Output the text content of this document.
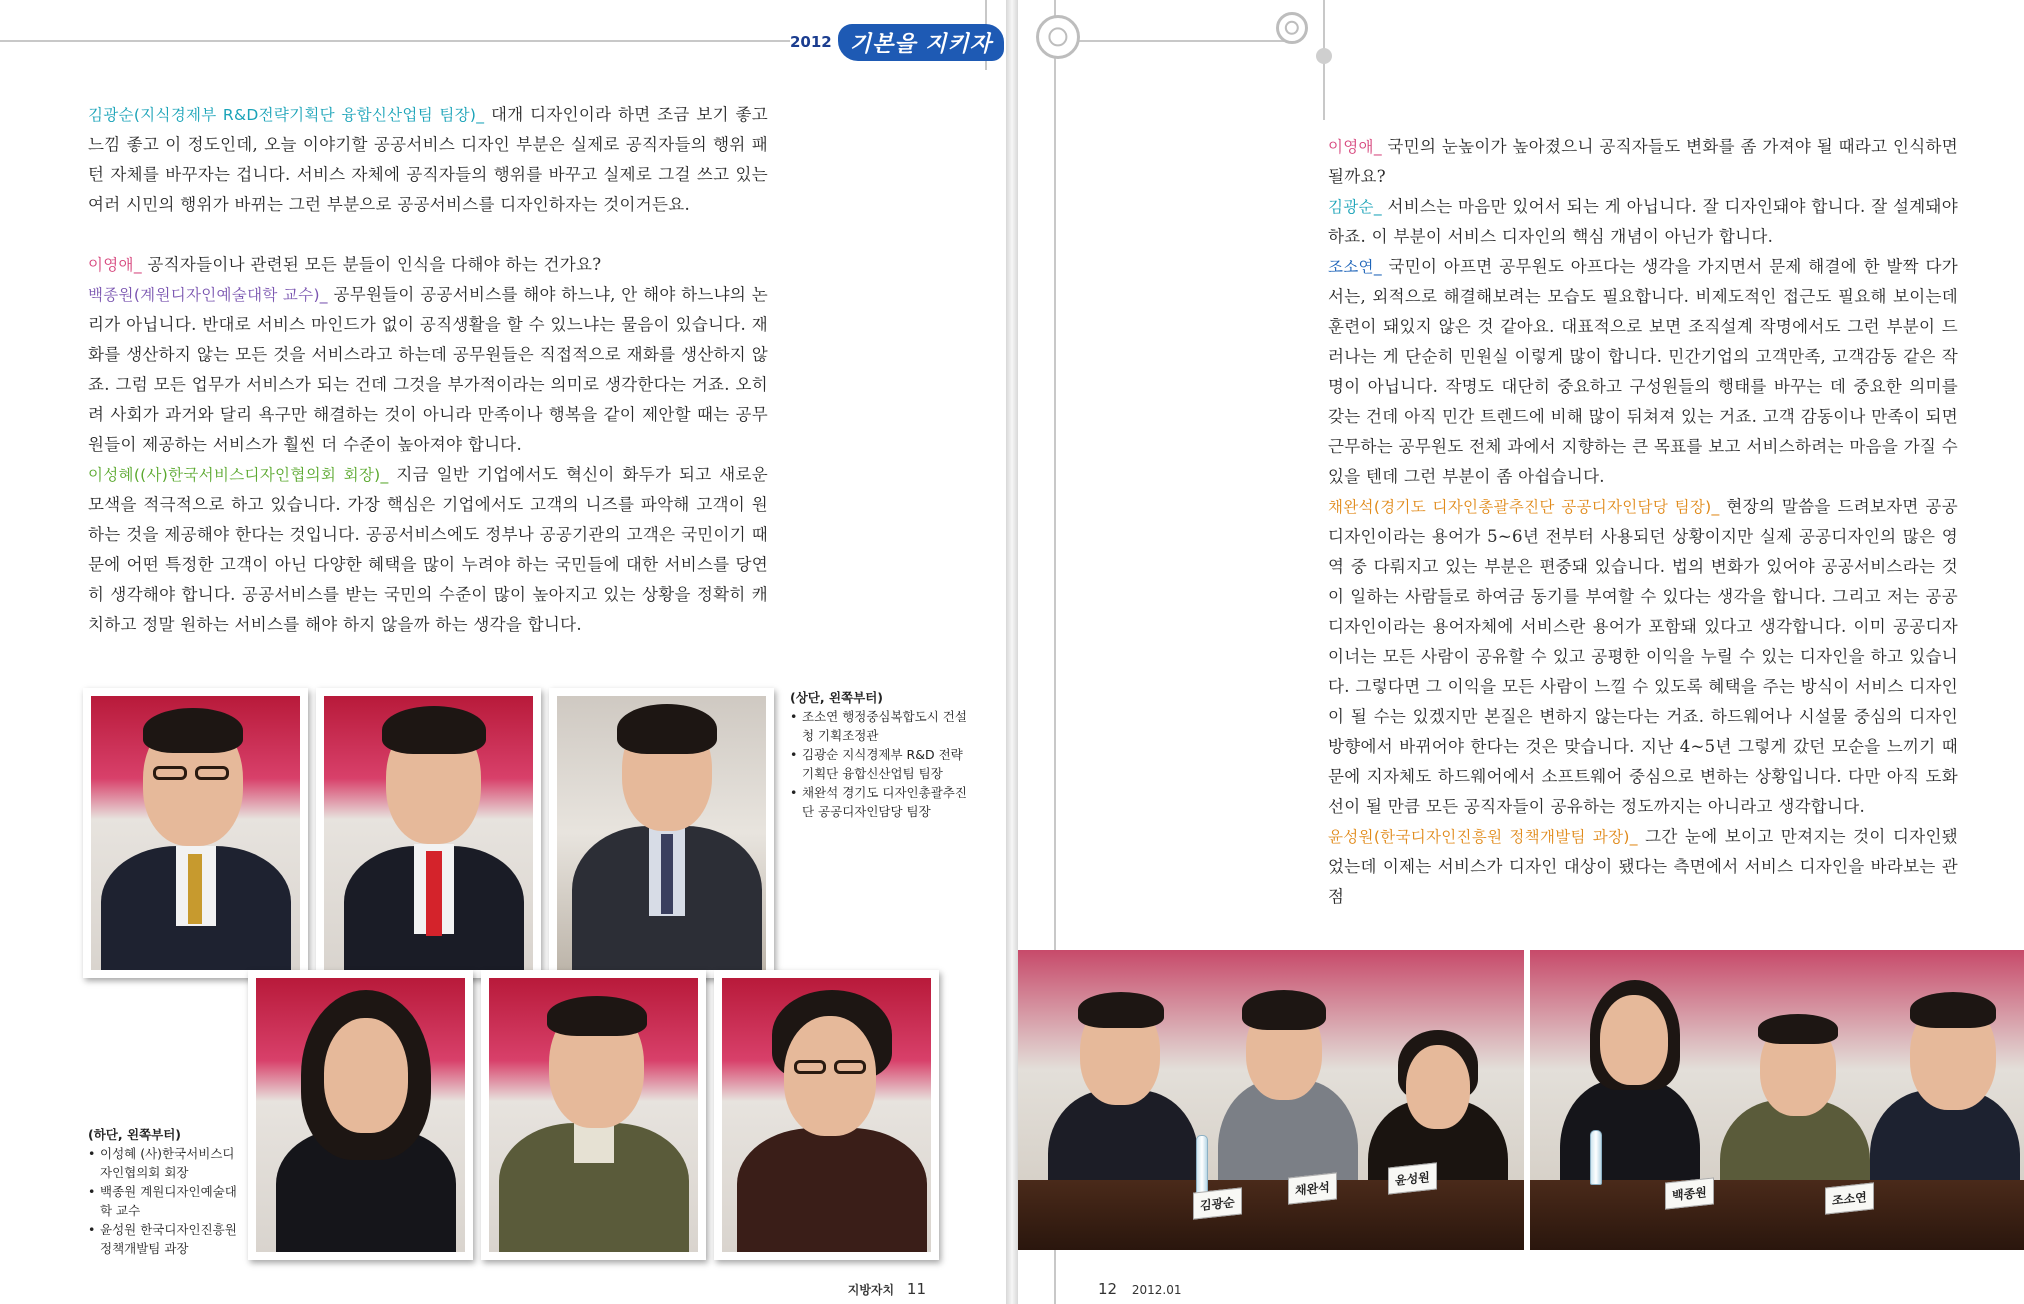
2012 기본을 지키자

김광순(지식경제부 R&D전략기획단 융합신산업팀 팀장)_ 대개 디자인이라 하면 조금 보기 좋고 느낌 좋고 이 정도인데, 오늘 이야기할 공공서비스 디자인 부분은 실제로 공직자들의 행위 패턴 자체를 바꾸자는 겁니다. 서비스 자체에 공직자들의 행위를 바꾸고 실제로 그걸 쓰고 있는 여러 시민의 행위가 바뀌는 그런 부분으로 공공서비스를 디자인하자는 것이거든요.

이영애_ 공직자들이나 관련된 모든 분들이 인식을 다해야 하는 건가요?

백종원(계원디자인예술대학 교수)_ 공무원들이 공공서비스를 해야 하느냐, 안 해야 하느냐의 논리가 아닙니다. 반대로 서비스 마인드가 없이 공직생활을 할 수 있느냐는 물음이 있습니다. 재화를 생산하지 않는 모든 것을 서비스라고 하는데 공무원들은 직접적으로 재화를 생산하지 않죠. 그럼 모든 업무가 서비스가 되는 건데 그것을 부가적이라는 의미로 생각한다는 거죠. 오히려 사회가 과거와 달리 욕구만 해결하는 것이 아니라 만족이나 행복을 같이 제안할 때는 공무원들이 제공하는 서비스가 훨씬 더 수준이 높아져야 합니다.

이성혜((사)한국서비스디자인협의회 회장)_ 지금 일반 기업에서도 혁신이 화두가 되고 새로운 모색을 적극적으로 하고 있습니다. 가장 핵심은 기업에서도 고객의 니즈를 파악해 고객이 원하는 것을 제공해야 한다는 것입니다. 공공서비스에도 정부나 공공기관의 고객은 국민이기 때문에 어떤 특정한 고객이 아닌 다양한 혜택을 많이 누려야 하는 국민들에 대한 서비스를 당연히 생각해야 합니다. 공공서비스를 받는 국민의 수준이 많이 높아지고 있는 상황을 정확히 캐치하고 정말 원하는 서비스를 해야 하지 않을까 하는 생각을 합니다.

(상단, 왼쪽부터)
• 조소연 행정중심복합도시 건설청 기획조정관
• 김광순 지식경제부 R&D 전략기획단 융합신산업팀 팀장
• 채완석 경기도 디자인총괄추진단 공공디자인담당 팀장
(하단, 왼쪽부터)
• 이성혜 (사)한국서비스디자인협의회 회장
• 백종원 계원디자인예술대학 교수
• 윤성원 한국디자인진흥원 정책개발팀 과장
지방자치 11

이영애_ 국민의 눈높이가 높아졌으니 공직자들도 변화를 좀 가져야 될 때라고 인식하면 될까요?

김광순_ 서비스는 마음만 있어서 되는 게 아닙니다. 잘 디자인돼야 합니다. 잘 설계돼야 하죠. 이 부분이 서비스 디자인의 핵심 개념이 아닌가 합니다.

조소연_ 국민이 아프면 공무원도 아프다는 생각을 가지면서 문제 해결에 한 발짝 다가서는, 외적으로 해결해보려는 모습도 필요합니다. 비제도적인 접근도 필요해 보이는데 훈련이 돼있지 않은 것 같아요. 대표적으로 보면 조직설계 작명에서도 그런 부분이 드러나는 게 단순히 민원실 이렇게 많이 합니다. 민간기업의 고객만족, 고객감동 같은 작명이 아닙니다. 작명도 대단히 중요하고 구성원들의 행태를 바꾸는 데 중요한 의미를 갖는 건데 아직 민간 트렌드에 비해 많이 뒤쳐져 있는 거죠. 고객 감동이나 만족이 되면 근무하는 공무원도 전체 과에서 지향하는 큰 목표를 보고 서비스하려는 마음을 가질 수 있을 텐데 그런 부분이 좀 아쉽습니다.

채완석(경기도 디자인총괄추진단 공공디자인담당 팀장)_ 현장의 말씀을 드려보자면 공공디자인이라는 용어가 5~6년 전부터 사용되던 상황이지만 실제 공공디자인의 많은 영역 중 다뤄지고 있는 부분은 편중돼 있습니다. 법의 변화가 있어야 공공서비스라는 것이 일하는 사람들로 하여금 동기를 부여할 수 있다는 생각을 합니다. 그리고 저는 공공디자인이라는 용어자체에 서비스란 용어가 포함돼 있다고 생각합니다. 이미 공공디자이너는 모든 사람이 공유할 수 있고 공평한 이익을 누릴 수 있는 디자인을 하고 있습니다. 그렇다면 그 이익을 모든 사람이 느낄 수 있도록 혜택을 주는 방식이 서비스 디자인이 될 수는 있겠지만 본질은 변하지 않는다는 거죠. 하드웨어나 시설물 중심의 디자인 방향에서 바뀌어야 한다는 것은 맞습니다. 지난 4~5년 그렇게 갔던 모순을 느끼기 때문에 지자체도 하드웨어에서 소프트웨어 중심으로 변하는 상황입니다. 다만 아직 도화선이 될 만큼 모든 공직자들이 공유하는 정도까지는 아니라고 생각합니다.

윤성원(한국디자인진흥원 정책개발팀 과장)_ 그간 눈에 보이고 만져지는 것이 디자인됐었는데 이제는 서비스가 디자인 대상이 됐다는 측면에서 서비스 디자인을 바라보는 관점

김광순
채완석
윤성원
백종원	조소연
12 2012.01
